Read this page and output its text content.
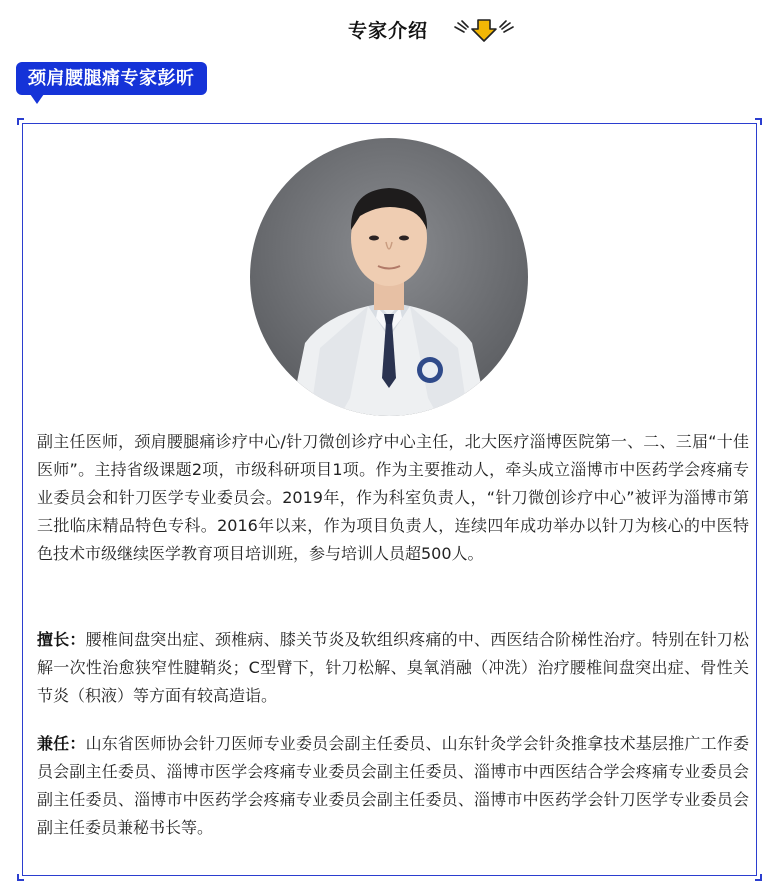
专家介绍
颈肩腰腿痛专家彭昕
副主任医师，颈肩腰腿痛诊疗中心/针刀微创诊疗中心主任，北大医疗淄博医院第一、二、三届“十佳医师”。主持省级课题2项，市级科研项目1项。作为主要推动人，牵头成立淄博市中医药学会疼痛专业委员会和针刀医学专业委员会。2019年，作为科室负责人，“针刀微创诊疗中心”被评为淄博市第三批临床精品特色专科。2016年以来，作为项目负责人，连续四年成功举办以针刀为核心的中医特色技术市级继续医学教育项目培训班，参与培训人员超500人。
擅长：腰椎间盘突出症、颈椎病、膝关节炎及软组织疼痛的中、西医结合阶梯性治疗。特别在针刀松解一次性治愈狭窄性腱鞘炎；C型臂下，针刀松解、臭氧消融（冲洗）治疗腰椎间盘突出症、骨性关节炎（积液）等方面有较高造诣。
兼任：山东省医师协会针刀医师专业委员会副主任委员、山东针灸学会针灸推拿技术基层推广工作委员会副主任委员、淄博市医学会疼痛专业委员会副主任委员、淄博市中西医结合学会疼痛专业委员会副主任委员、淄博市中医药学会疼痛专业委员会副主任委员、淄博市中医药学会针刀医学专业委员会副主任委员兼秘书长等。
